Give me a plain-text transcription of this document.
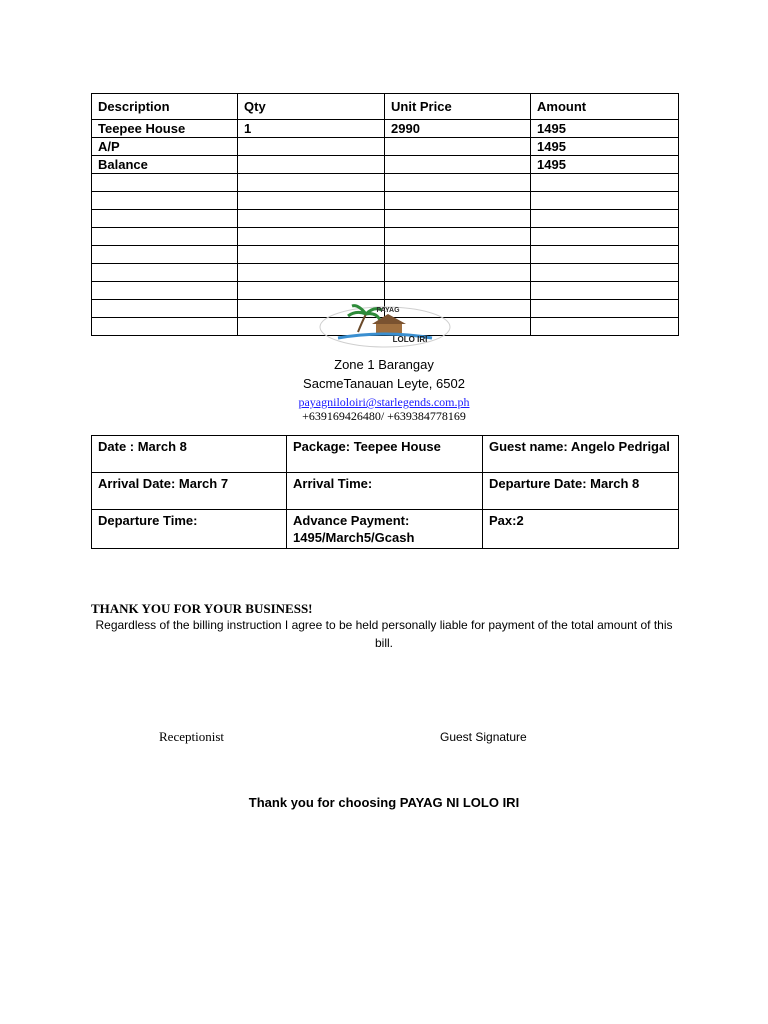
Description	Qty	Unit Price	Amount
Teepee House	1	2990	1495
A/P			1495
Balance			1495

PAYAG
LOLO IRI
Zone 1 Barangay
SacmeTanauan Leyte, 6502
payagniloloiri@starlegends.com.ph
+639169426480/ +639384778169
Date : March 8	Package: Teepee House	Guest name: Angelo Pedrigal
Arrival Date: March 7	Arrival Time:	Departure Date: March 8
Departure Time:	Advance Payment: 1495/March5/Gcash	Pax:2
THANK YOU FOR YOUR BUSINESS!
Regardless of the billing instruction I agree to be held personally liable for payment of the total amount of this bill.
Receptionist	Guest Signature
Thank you for choosing PAYAG NI LOLO IRI
